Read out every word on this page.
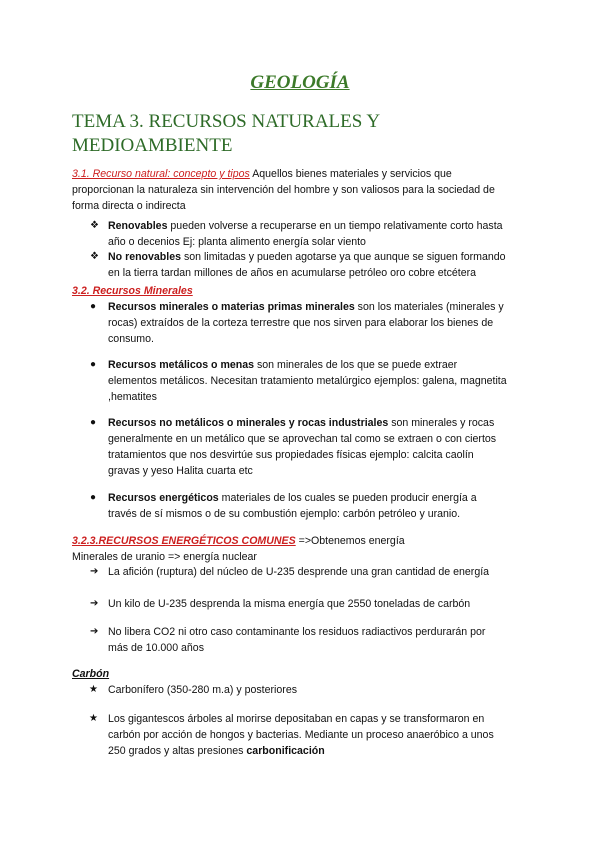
GEOLOGÍA
TEMA 3. RECURSOS NATURALES Y
MEDIOAMBIENTE
3.1. Recurso natural: concepto y tipos Aquellos bienes materiales y servicios que
proporcionan la naturaleza sin intervención del hombre y son valiosos para la sociedad de
forma directa o indirecta
❖ Renovables pueden volverse a recuperarse en un tiempo relativamente corto hasta
año o decenios Ej: planta alimento energía solar viento
❖ No renovables son limitadas y pueden agotarse ya que aunque se siguen formando
en la tierra tardan millones de años en acumularse petróleo oro cobre etcétera
3.2. Recursos Minerales
● Recursos minerales o materias primas minerales son los materiales (minerales y
rocas) extraídos de la corteza terrestre que nos sirven para elaborar los bienes de
consumo.
● Recursos metálicos o menas son minerales de los que se puede extraer
elementos metálicos. Necesitan tratamiento metalúrgico ejemplos: galena, magnetita
,hematites
● Recursos no metálicos o minerales y rocas industriales son minerales y rocas
generalmente en un metálico que se aprovechan tal como se extraen o con ciertos
tratamientos que nos desvirtúe sus propiedades físicas ejemplo: calcita caolín
gravas y yeso Halita cuarta etc
● Recursos energéticos materiales de los cuales se pueden producir energía a
través de sí mismos o de su combustión ejemplo: carbón petróleo y uranio.
3.2.3.RECURSOS ENERGÉTICOS COMUNES =>Obtenemos energía
Minerales de uranio => energía nuclear
➔ La afición (ruptura) del núcleo de U-235 desprende una gran cantidad de energía
➔ Un kilo de U-235 desprenda la misma energía que 2550 toneladas de carbón
➔ No libera CO2 ni otro caso contaminante los residuos radiactivos perdurarán por
más de 10.000 años
Carbón
★ Carbonífero (350-280 m.a) y posteriores
★ Los gigantescos árboles al morirse depositaban en capas y se transformaron en
carbón por acción de hongos y bacterias. Mediante un proceso anaeróbico a unos
250 grados y altas presiones carbonificación
